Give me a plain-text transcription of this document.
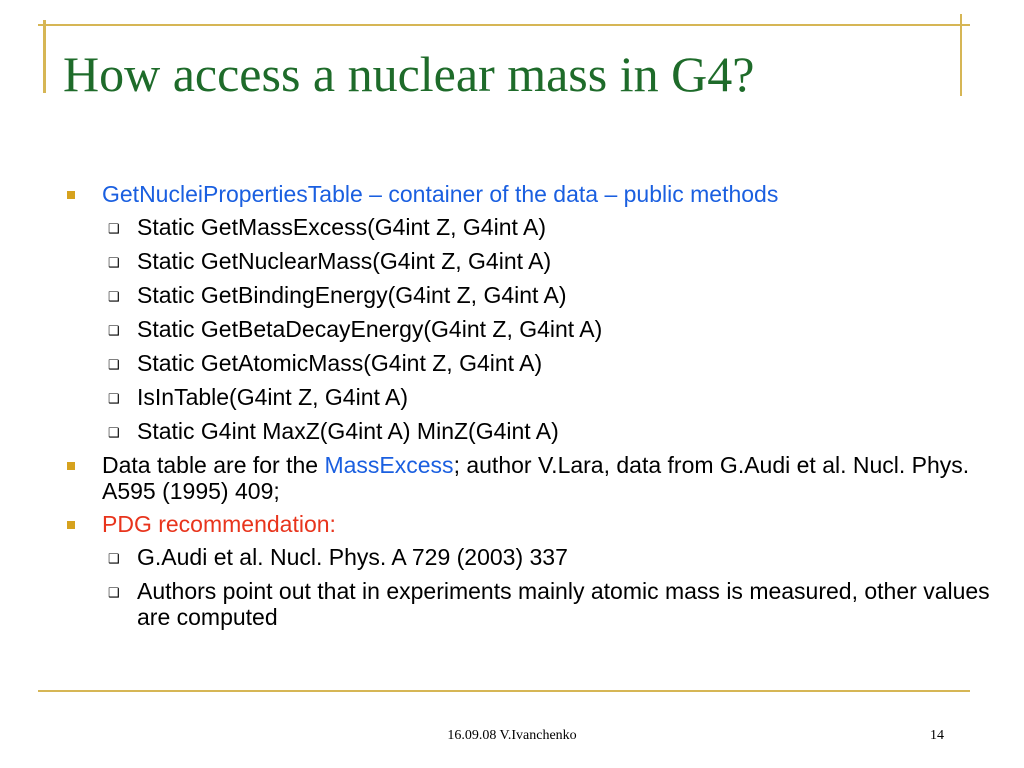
How access a nuclear mass in G4?
GetNucleiPropertiesTable – container of the data – public methods
❑ Static GetMassExcess(G4int Z, G4int A)
❑ Static GetNuclearMass(G4int Z, G4int A)
❑ Static GetBindingEnergy(G4int Z, G4int A)
❑ Static GetBetaDecayEnergy(G4int Z, G4int A)
❑ Static GetAtomicMass(G4int Z, G4int A)
❑ IsInTable(G4int Z, G4int A)
❑ Static G4int MaxZ(G4int A) MinZ(G4int A)
Data table are for the MassExcess; author V.Lara, data from G.Audi et al. Nucl. Phys. A595 (1995) 409;
PDG recommendation:
❑ G.Audi et al. Nucl. Phys. A 729 (2003) 337
❑ Authors point out that in experiments mainly atomic mass is measured, other values are computed
16.09.08 V.Ivanchenko	14
